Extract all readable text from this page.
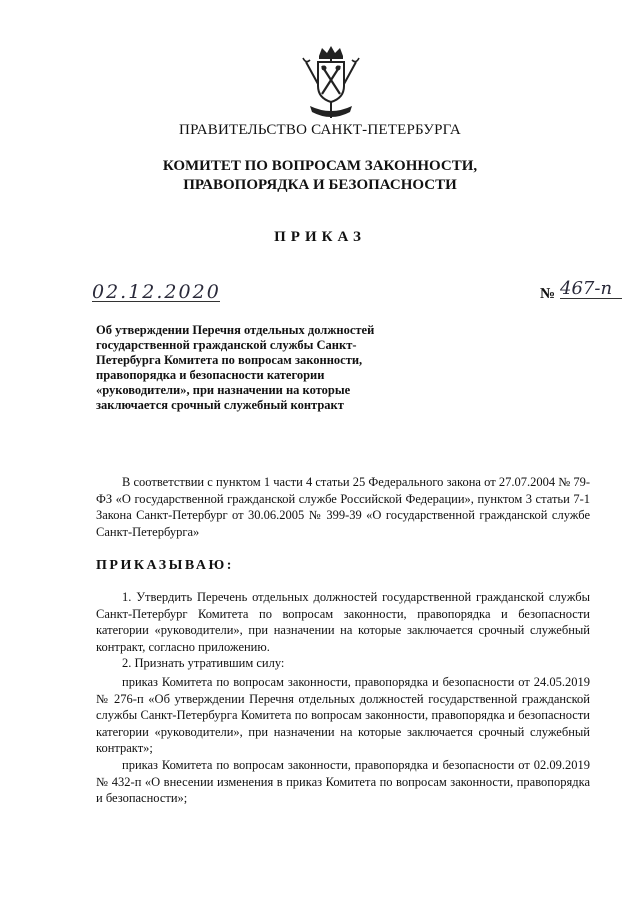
ПРАВИТЕЛЬСТВО САНКТ-ПЕТЕРБУРГА
КОМИТЕТ ПО ВОПРОСАМ ЗАКОННОСТИ,
ПРАВОПОРЯДКА И БЕЗОПАСНОСТИ
ПРИКАЗ
02.12.2020	№ 467-п
Об утверждении Перечня отдельных должностей государственной гражданской службы Санкт-Петербурга Комитета по вопросам законности, правопорядка и безопасности категории «руководители», при назначении на которые заключается срочный служебный контракт
В соответствии с пунктом 1 части 4 статьи 25 Федерального закона от 27.07.2004 № 79-ФЗ «О государственной гражданской службе Российской Федерации», пунктом 3 статьи 7-1 Закона Санкт-Петербург от 30.06.2005 № 399-39 «О государственной гражданской службе Санкт-Петербурга»
ПРИКАЗЫВАЮ:
1. Утвердить Перечень отдельных должностей государственной гражданской службы Санкт-Петербург Комитета по вопросам законности, правопорядка и безопасности категории «руководители», при назначении на которые заключается срочный служебный контракт, согласно приложению.
2. Признать утратившим силу:
приказ Комитета по вопросам законности, правопорядка и безопасности от 24.05.2019 № 276-п «Об утверждении Перечня отдельных должностей государственной гражданской службы Санкт-Петербурга Комитета по вопросам законности, правопорядка и безопасности категории «руководители», при назначении на которые заключается срочный служебный контракт»;
приказ Комитета по вопросам законности, правопорядка и безопасности от 02.09.2019 № 432-п «О внесении изменения в приказ Комитета по вопросам законности, правопорядка и безопасности»;
